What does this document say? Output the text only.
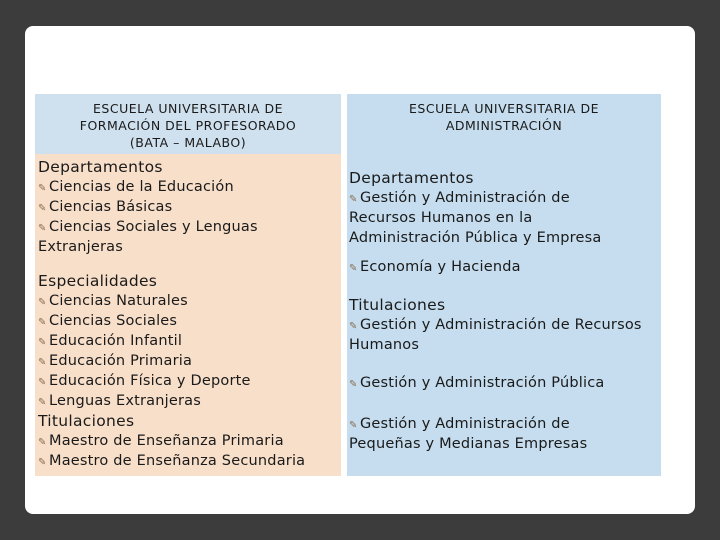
ESCUELA UNIVERSITARIA DE
FORMACIÓN DEL PROFESORADO
(BATA – MALABO)
ESCUELA UNIVERSITARIA DE
ADMINISTRACIÓN
Departamentos
✎ Ciencias de la Educación
✎ Ciencias Básicas
✎ Ciencias Sociales y Lenguas
Extranjeras
Especialidades
✎ Ciencias Naturales
✎ Ciencias Sociales
✎ Educación Infantil
✎ Educación Primaria
✎ Educación Física y Deporte
✎ Lenguas Extranjeras
Titulaciones
✎ Maestro de Enseñanza Primaria
✎ Maestro de Enseñanza Secundaria
Departamentos
✎ Gestión y Administración de
Recursos Humanos en la
Administración Pública y Empresa
✎ Economía y Hacienda
Titulaciones
✎ Gestión y Administración de Recursos
Humanos
✎ Gestión y Administración Pública
✎ Gestión y Administración de
Pequeñas y Medianas Empresas
